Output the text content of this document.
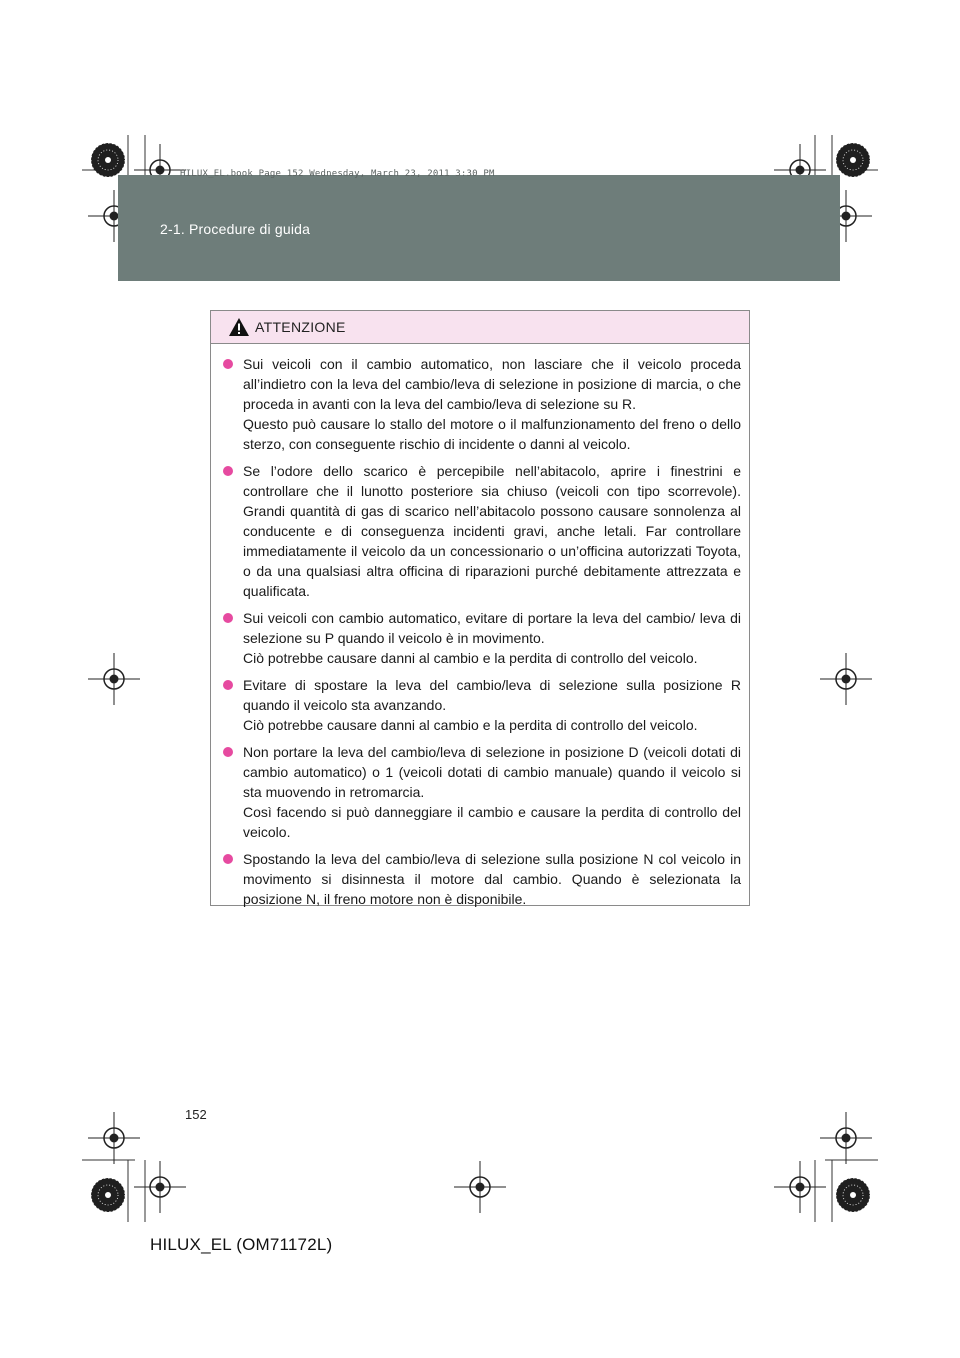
HILUX_EL.book Page 152 Wednesday, March 23, 2011 3:30 PM
2-1. Procedure di guida
ATTENZIONE

Sui veicoli con il cambio automatico, non lasciare che il veicolo proceda all’indietro con la leva del cambio/leva di selezione in posizione di marcia, o che proceda in avanti con la leva del cambio/leva di selezione su R.

Questo può causare lo stallo del motore o il malfunzionamento del freno o dello sterzo, con conseguente rischio di incidente o danni al veicolo.

Se l’odore dello scarico è percepibile nell’abitacolo, aprire i finestrini e controllare che il lunotto posteriore sia chiuso (veicoli con tipo scorrevole). Grandi quantità di gas di scarico nell’abitacolo possono causare sonnolenza al conducente e di conseguenza incidenti gravi, anche letali. Far controllare immediatamente il veicolo da un concessionario o un’officina autorizzati Toyota, o da una qualsiasi altra officina di riparazioni purché debitamente attrezzata e qualificata.

Sui veicoli con cambio automatico, evitare di portare la leva del cambio/ leva di selezione su P quando il veicolo è in movimento.

Ciò potrebbe causare danni al cambio e la perdita di controllo del veicolo.

Evitare di spostare la leva del cambio/leva di selezione sulla posizione R quando il veicolo sta avanzando.

Ciò potrebbe causare danni al cambio e la perdita di controllo del veicolo.

Non portare la leva del cambio/leva di selezione in posizione D (veicoli dotati di cambio automatico) o 1 (veicoli dotati di cambio manuale) quando il veicolo si sta muovendo in retromarcia.

Così facendo si può danneggiare il cambio e causare la perdita di controllo del veicolo.

Spostando la leva del cambio/leva di selezione sulla posizione N col veicolo in movimento si disinnesta il motore dal cambio. Quando è selezionata la posizione N, il freno motore non è disponibile.

152
HILUX_EL (OM71172L)
